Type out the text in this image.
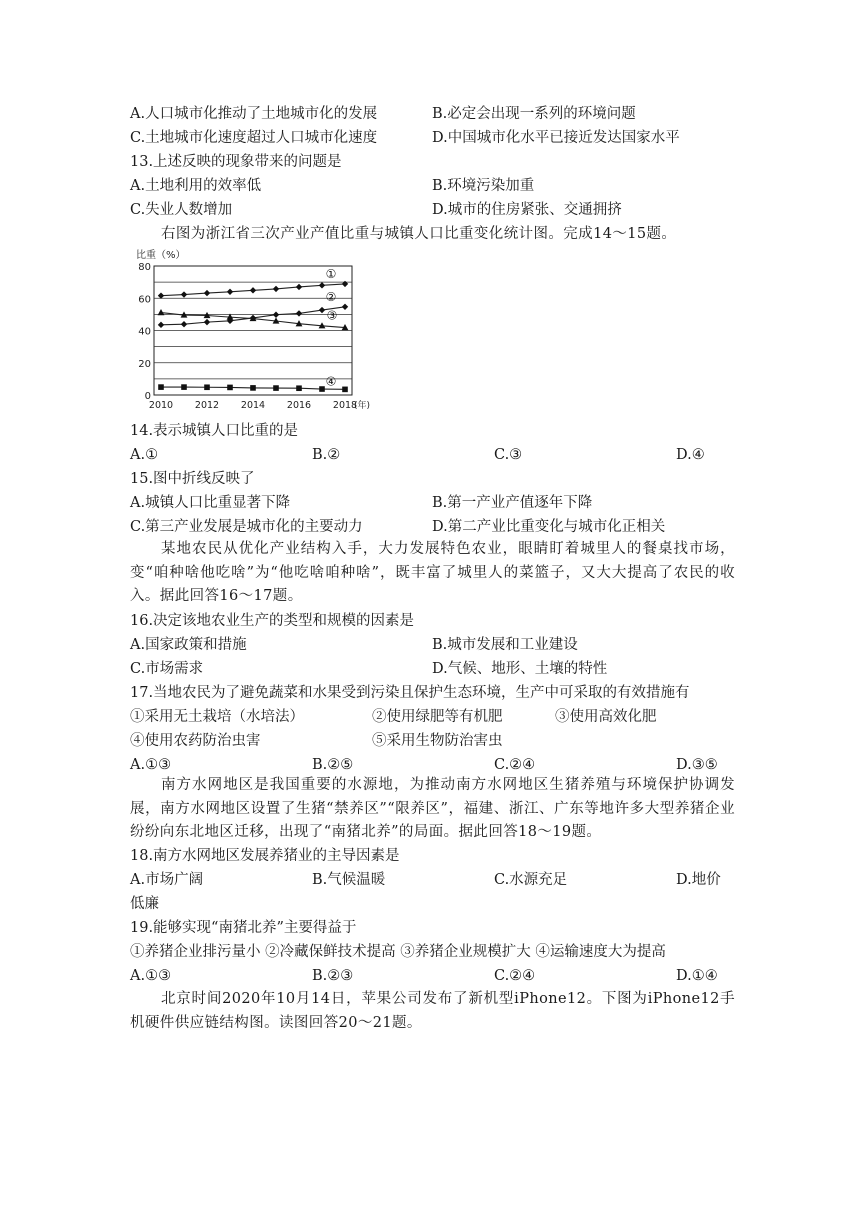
A.人口城市化推动了土地城市化的发展	B.必定会出现一系列的环境问题
C.土地城市化速度超过人口城市化速度	D.中国城市化水平已接近发达国家水平
13.上述反映的现象带来的问题是
A.土地利用的效率低	B.环境污染加重
C.失业人数增加	D.城市的住房紧张、交通拥挤
右图为浙江省三次产业产值比重与城镇人口比重变化统计图。完成14～15题。
0
20
40
60
80
2010 2012 2014 2016 2018
(年)
比重（%）
①
②
③
④
14.表示城镇人口比重的是
A.①	B.②	C.③	D.④
15.图中折线反映了
A.城镇人口比重显著下降	B.第一产业产值逐年下降
C.第三产业发展是城市化的主要动力	D.第二产业比重变化与城市化正相关
某地农民从优化产业结构入手，大力发展特色农业，眼睛盯着城里人的餐桌找市场，变“咱种啥他吃啥”为“他吃啥咱种啥”，既丰富了城里人的菜篮子，又大大提高了农民的收入。据此回答16～17题。
16.决定该地农业生产的类型和规模的因素是
A.国家政策和措施	B.城市发展和工业建设
C.市场需求	D.气候、地形、土壤的特性
17.当地农民为了避免蔬菜和水果受到污染且保护生态环境，生产中可采取的有效措施有
①采用无土栽培（水培法）	②使用绿肥等有机肥	③使用高效化肥
④使用农药防治虫害	⑤采用生物防治害虫
A.①③	B.②⑤	C.②④	D.③⑤
南方水网地区是我国重要的水源地，为推动南方水网地区生猪养殖与环境保护协调发展，南方水网地区设置了生猪“禁养区”“限养区”，福建、浙江、广东等地许多大型养猪企业纷纷向东北地区迁移，出现了“南猪北养”的局面。据此回答18～19题。
18.南方水网地区发展养猪业的主导因素是
A.市场广阔	B.气候温暖	C.水源充足	D.地价
低廉
19.能够实现“南猪北养”主要得益于
①养猪企业排污量小 ②冷藏保鲜技术提高 ③养猪企业规模扩大 ④运输速度大为提高
A.①③	B.②③	C.②④	D.①④
北京时间2020年10月14日，苹果公司发布了新机型iPhone12。下图为iPhone12手机硬件供应链结构图。读图回答20～21题。
